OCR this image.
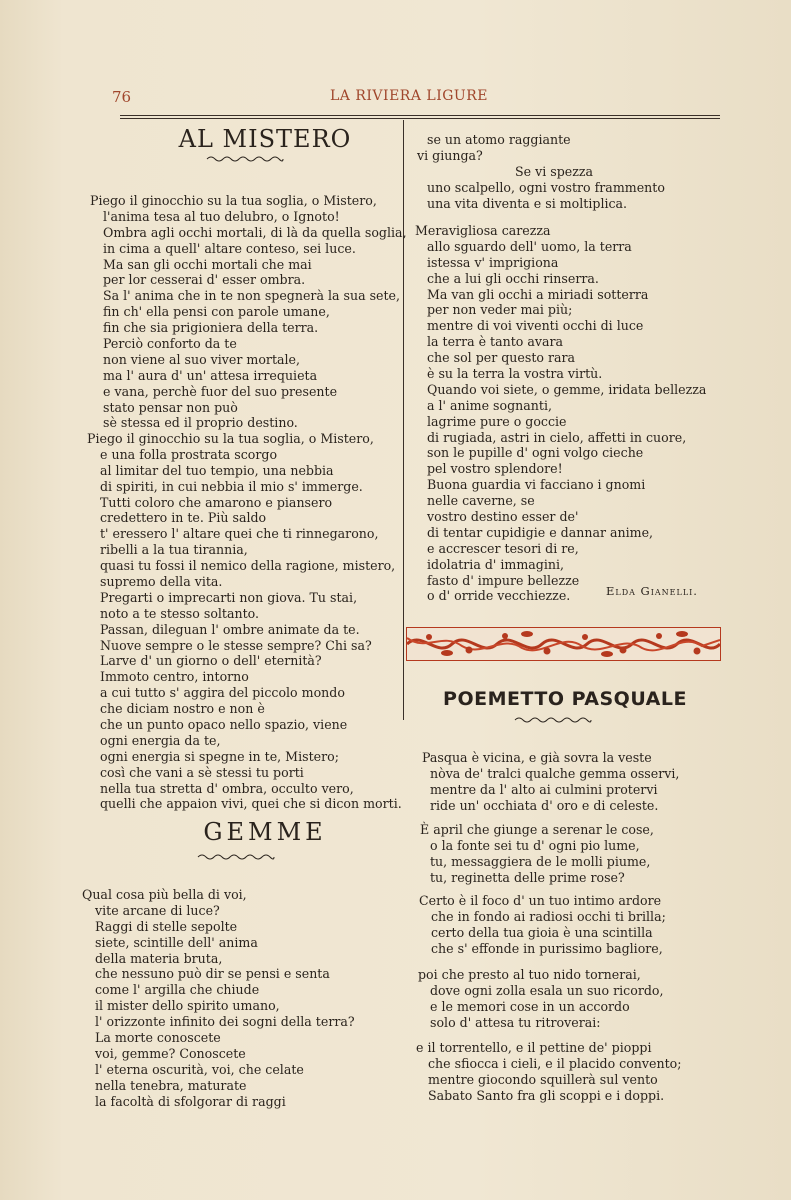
76	LA RIVIERA LIGURE
AL MISTERO
Piego il ginocchio su la tua soglia, o Mistero,
l'anima tesa al tuo delubro, o Ignoto!
Ombra agli occhi mortali, di là da quella soglia,
in cima a quell' altare conteso, sei luce.
Ma san gli occhi mortali che mai
per lor cesserai d' esser ombra.
Sa l' anima che in te non spegnerà la sua sete,
fin ch' ella pensi con parole umane,
fin che sia prigioniera della terra.
Perciò conforto da te
non viene al suo viver mortale,
ma l' aura d' un' attesa irrequieta
e vana, perchè fuor del suo presente
stato pensar non può
sè stessa ed il proprio destino.
Piego il ginocchio su la tua soglia, o Mistero,
e una folla prostrata scorgo
al limitar del tuo tempio, una nebbia
di spiriti, in cui nebbia il mio s' immerge.
Tutti coloro che amarono e piansero
credettero in te. Più saldo
t' eressero l' altare quei che ti rinnegarono,
ribelli a la tua tirannia,
quasi tu fossi il nemico della ragione, mistero,
supremo della vita.
Pregarti o imprecarti non giova. Tu stai,
noto a te stesso soltanto.
Passan, dileguan l' ombre animate da te.
Nuove sempre o le stesse sempre? Chi sa?
Larve d' un giorno o dell' eternità?
Immoto centro, intorno
a cui tutto s' aggira del piccolo mondo
che diciam nostro e non è
che un punto opaco nello spazio, viene
ogni energia da te,
ogni energia si spegne in te, Mistero;
così che vani a sè stessi tu porti
nella tua stretta d' ombra, occulto vero,
quelli che appaion vivi, quei che si dicon morti.
GEMME
Qual cosa più bella di voi,
vite arcane di luce?
Raggi di stelle sepolte
siete, scintille dell' anima
della materia bruta,
che nessuno può dir se pensi e senta
come l' argilla che chiude
il mister dello spirito umano,
l' orizzonte infinito dei sogni della terra?
La morte conoscete
voi, gemme? Conoscete
l' eterna oscurità, voi, che celate
nella tenebra, maturate
la facoltà di sfolgorar di raggi
se un atomo raggiante
vi giunga?
Se vi spezza
uno scalpello, ogni vostro frammento
una vita diventa e si moltiplica.
Meravigliosa carezza
allo sguardo dell' uomo, la terra
istessa v' imprigiona
che a lui gli occhi rinserra.
Ma van gli occhi a miriadi sotterra
per non veder mai più;
mentre di voi viventi occhi di luce
la terra è tanto avara
che sol per questo rara
è su la terra la vostra virtù.
Quando voi siete, o gemme, iridata bellezza
a l' anime sognanti,
lagrime pure o goccie
di rugiada, astri in cielo, affetti in cuore,
son le pupille d' ogni volgo cieche
pel vostro splendore!
Buona guardia vi facciano i gnomi
nelle caverne, se
vostro destino esser de'
di tentar cupidigie e dannar anime,
e accrescer tesori di re,
idolatria d' immagini,
fasto d' impure bellezze
o d' orride vecchiezze.	Elda Gianelli.
POEMETTO PASQUALE
Pasqua è vicina, e già sovra la veste
nòva de' tralci qualche gemma osservi,
mentre da l' alto ai culmini protervi
ride un' occhiata d' oro e di celeste.
È april che giunge a serenar le cose,
o la fonte sei tu d' ogni pio lume,
tu, messaggiera de le molli piume,
tu, reginetta delle prime rose?
Certo è il foco d' un tuo intimo ardore
che in fondo ai radiosi occhi ti brilla;
certo della tua gioia è una scintilla
che s' effonde in purissimo bagliore,
poi che presto al tuo nido tornerai,
dove ogni zolla esala un suo ricordo,
e le memori cose in un accordo
solo d' attesa tu ritroverai:
e il torrentello, e il pettine de' pioppi
che sfiocca i cieli, e il placido convento;
mentre giocondo squillerà sul vento
Sabato Santo fra gli scoppi e i doppi.
